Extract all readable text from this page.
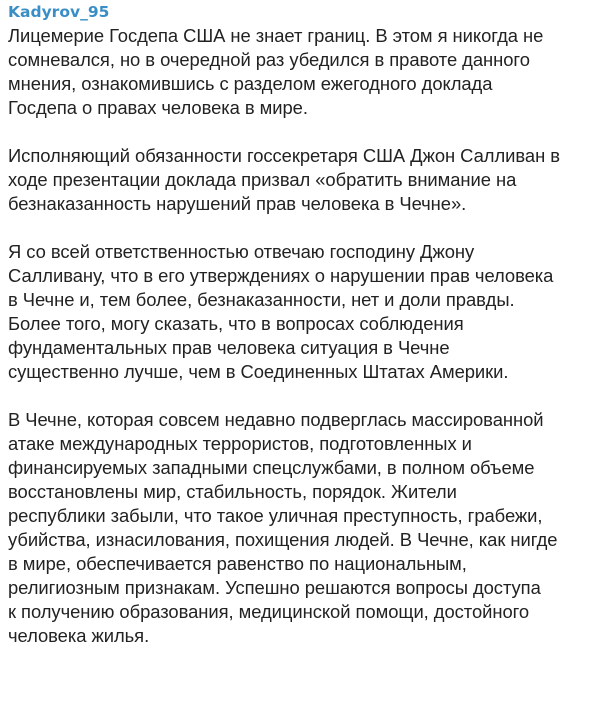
Kadyrov_95
Лицемерие Госдепа США не знает границ. В этом я никогда не
сомневался, но в очередной раз убедился в правоте данного
мнения, ознакомившись с разделом ежегодного доклада
Госдепа о правах человека в мире.
Исполняющий обязанности госсекретаря США Джон Салливан в
ходе презентации доклада призвал «обратить внимание на
безнаказанность нарушений прав человека в Чечне».
Я со всей ответственностью отвечаю господину Джону
Салливану, что в его утверждениях о нарушении прав человека
в Чечне и, тем более, безнаказанности, нет и доли правды.
Более того, могу сказать, что в вопросах соблюдения
фундаментальных прав человека ситуация в Чечне
существенно лучше, чем в Соединенных Штатах Америки.
В Чечне, которая совсем недавно подверглась массированной
атаке международных террористов, подготовленных и
финансируемых западными спецслужбами, в полном объеме
восстановлены мир, стабильность, порядок. Жители
республики забыли, что такое уличная преступность, грабежи,
убийства, изнасилования, похищения людей. В Чечне, как нигде
в мире, обеспечивается равенство по национальным,
религиозным признакам. Успешно решаются вопросы доступа
к получению образования, медицинской помощи, достойного
человека жилья.
